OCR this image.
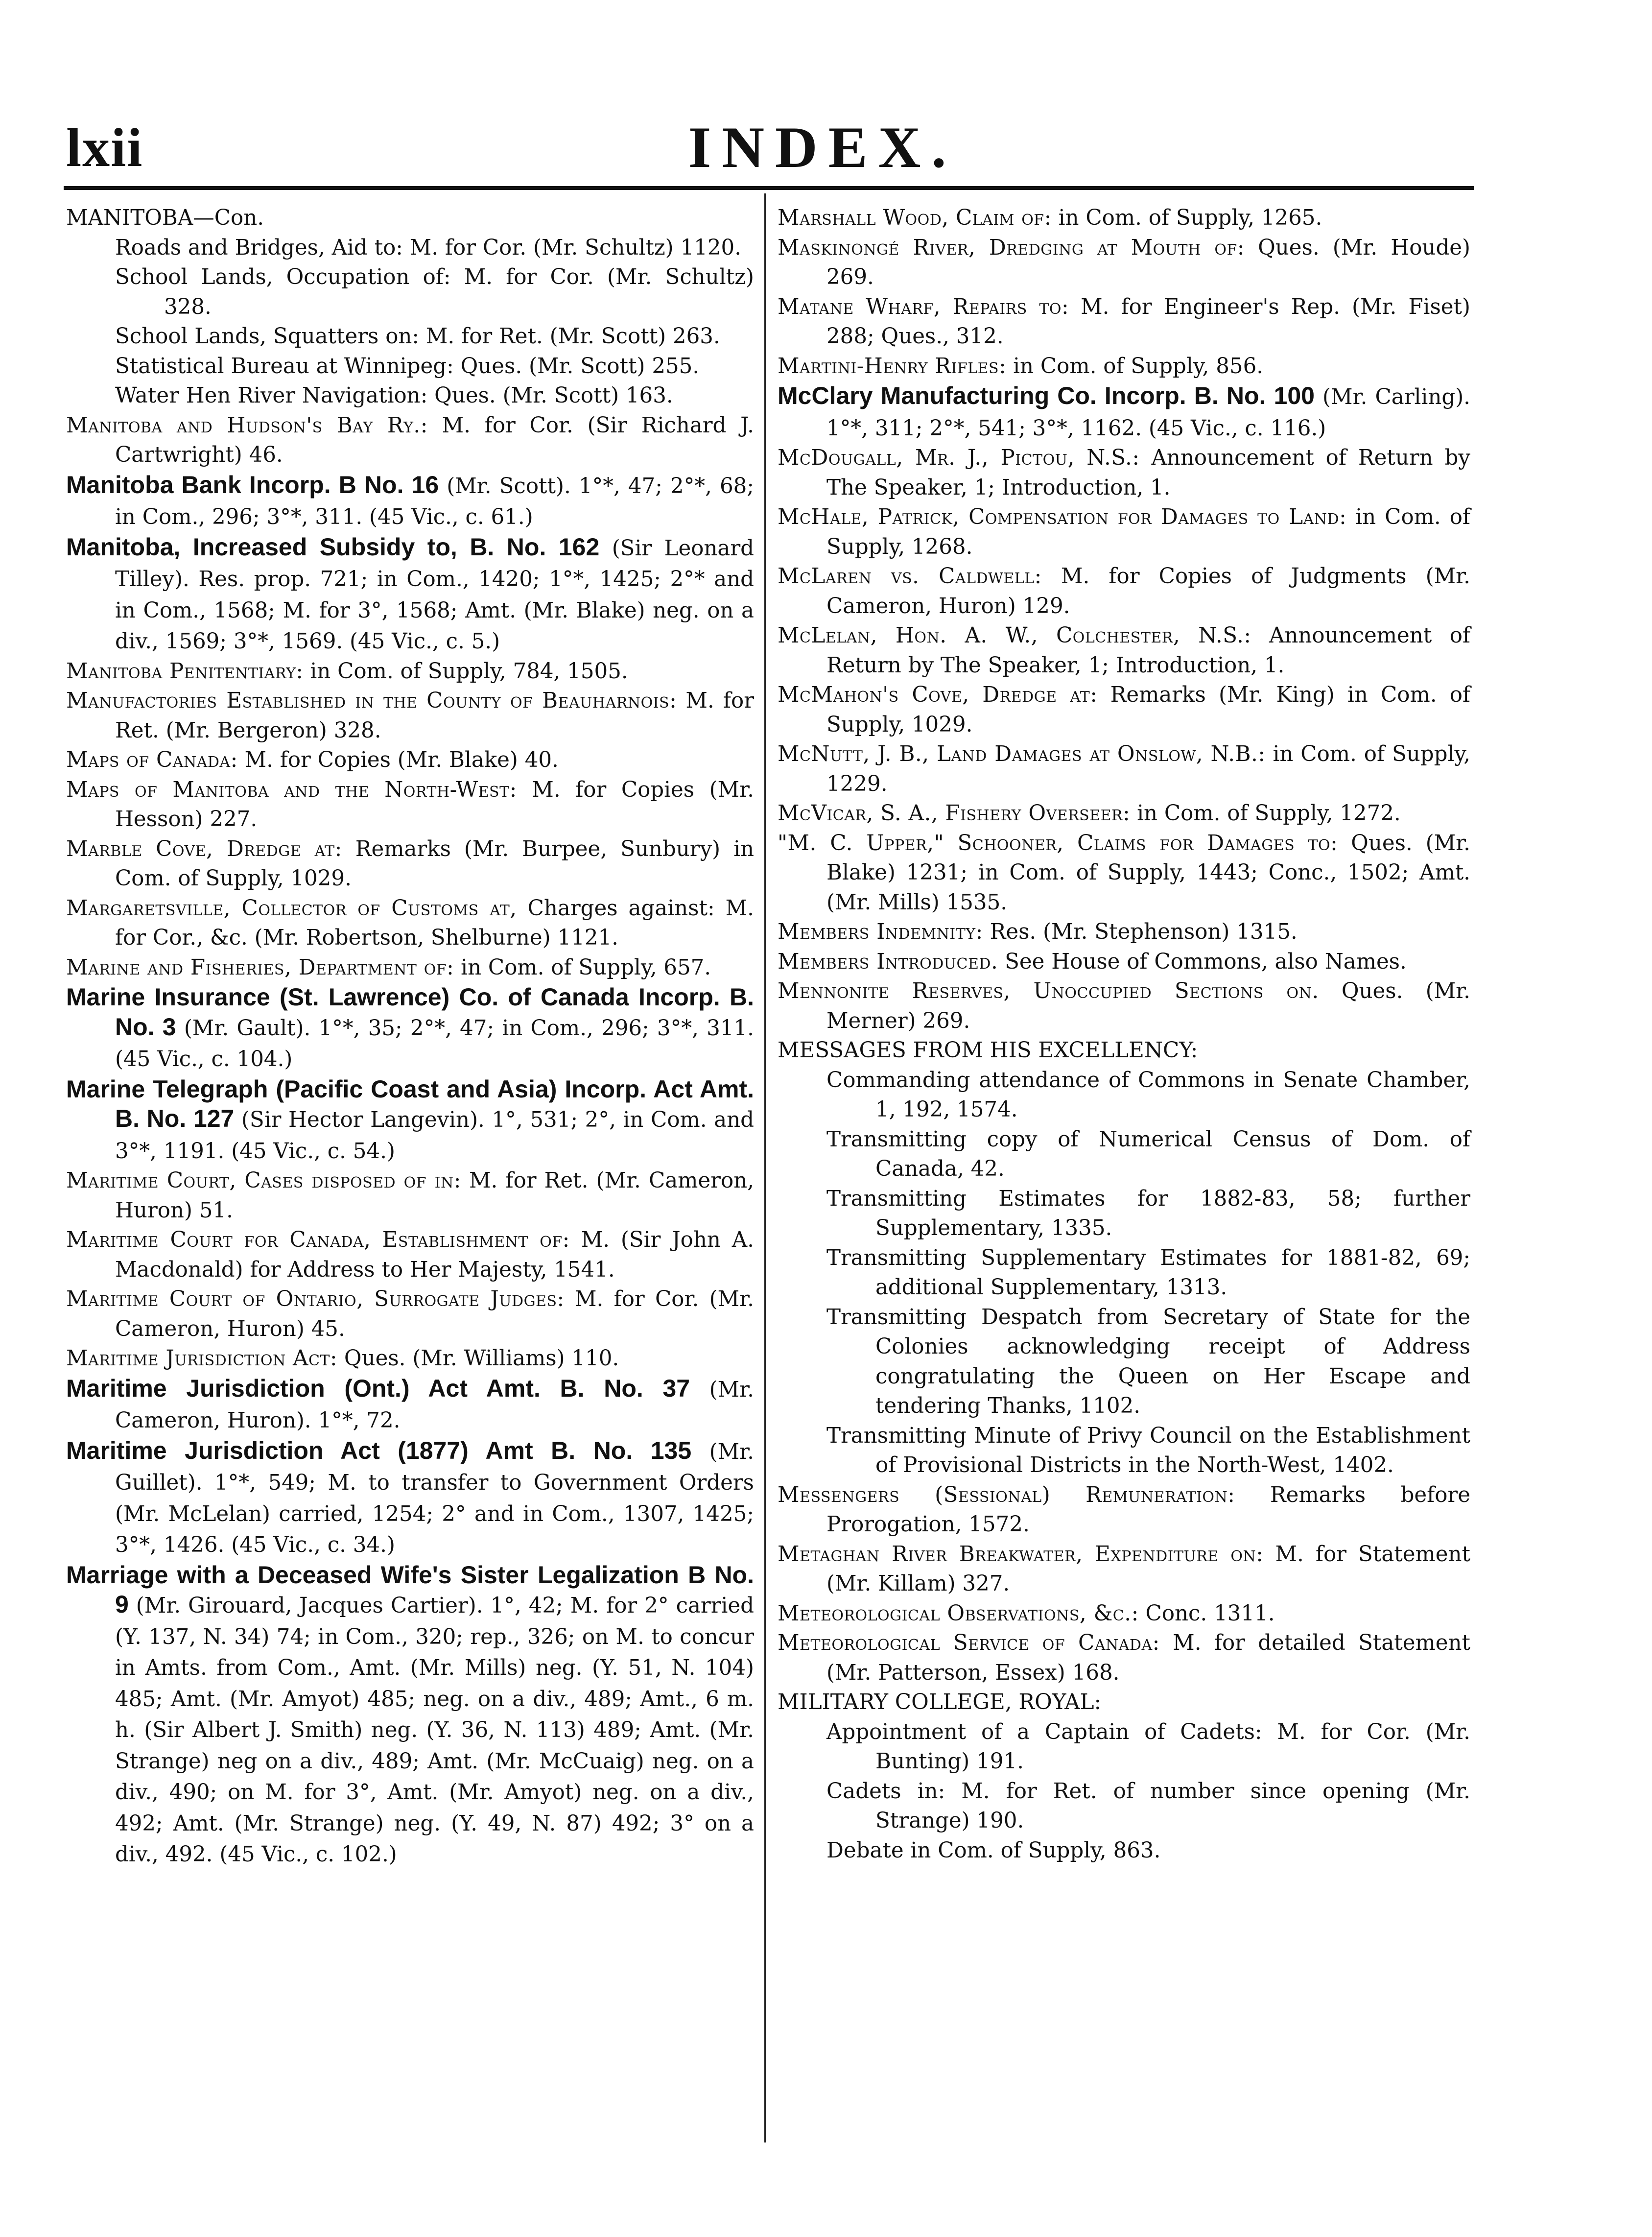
lxii	INDEX.

MANITOBA—Con.

Roads and Bridges, Aid to: M. for Cor. (Mr. Schultz) 1120.

School Lands, Occupation of: M. for Cor. (Mr. Schultz) 328.

School Lands, Squatters on: M. for Ret. (Mr. Scott) 263.

Statistical Bureau at Winnipeg: Ques. (Mr. Scott) 255.

Water Hen River Navigation: Ques. (Mr. Scott) 163.

Manitoba and Hudson's Bay Ry.: M. for Cor. (Sir Richard J. Cartwright) 46.

Manitoba Bank Incorp. B No. 16 (Mr. Scott). 1°*, 47; 2°*, 68; in Com., 296; 3°*, 311. (45 Vic., c. 61.)

Manitoba, Increased Subsidy to, B. No. 162 (Sir Leonard Tilley). Res. prop. 721; in Com., 1420; 1°*, 1425; 2°* and in Com., 1568; M. for 3°, 1568; Amt. (Mr. Blake) neg. on a div., 1569; 3°*, 1569. (45 Vic., c. 5.)

Manitoba Penitentiary: in Com. of Supply, 784, 1505.

Manufactories Established in the County of Beauharnois: M. for Ret. (Mr. Bergeron) 328.

Maps of Canada: M. for Copies (Mr. Blake) 40.

Maps of Manitoba and the North-West: M. for Copies (Mr. Hesson) 227.

Marble Cove, Dredge at: Remarks (Mr. Burpee, Sunbury) in Com. of Supply, 1029.

Margaretsville, Collector of Customs at, Charges against: M. for Cor., &c. (Mr. Robertson, Shelburne) 1121.

Marine and Fisheries, Department of: in Com. of Supply, 657.

Marine Insurance (St. Lawrence) Co. of Canada Incorp. B. No. 3 (Mr. Gault). 1°*, 35; 2°*, 47; in Com., 296; 3°*, 311. (45 Vic., c. 104.)

Marine Telegraph (Pacific Coast and Asia) Incorp. Act Amt. B. No. 127 (Sir Hector Langevin). 1°, 531; 2°, in Com. and 3°*, 1191. (45 Vic., c. 54.)

Maritime Court, Cases disposed of in: M. for Ret. (Mr. Cameron, Huron) 51.

Maritime Court for Canada, Establishment of: M. (Sir John A. Macdonald) for Address to Her Majesty, 1541.

Maritime Court of Ontario, Surrogate Judges: M. for Cor. (Mr. Cameron, Huron) 45.

Maritime Jurisdiction Act: Ques. (Mr. Williams) 110.

Maritime Jurisdiction (Ont.) Act Amt. B. No. 37 (Mr. Cameron, Huron). 1°*, 72.

Maritime Jurisdiction Act (1877) Amt B. No. 135 (Mr. Guillet). 1°*, 549; M. to transfer to Government Orders (Mr. McLelan) carried, 1254; 2° and in Com., 1307, 1425; 3°*, 1426. (45 Vic., c. 34.)

Marriage with a Deceased Wife's Sister Legalization B No. 9 (Mr. Girouard, Jacques Cartier). 1°, 42; M. for 2° carried (Y. 137, N. 34) 74; in Com., 320; rep., 326; on M. to concur in Amts. from Com., Amt. (Mr. Mills) neg. (Y. 51, N. 104) 485; Amt. (Mr. Amyot) 485; neg. on a div., 489; Amt., 6 m. h. (Sir Albert J. Smith) neg. (Y. 36, N. 113) 489; Amt. (Mr. Strange) neg on a div., 489; Amt. (Mr. McCuaig) neg. on a div., 490; on M. for 3°, Amt. (Mr. Amyot) neg. on a div., 492; Amt. (Mr. Strange) neg. (Y. 49, N. 87) 492; 3° on a div., 492. (45 Vic., c. 102.)

Marshall Wood, Claim of: in Com. of Supply, 1265.

Maskinongé River, Dredging at Mouth of: Ques. (Mr. Houde) 269.

Matane Wharf, Repairs to: M. for Engineer's Rep. (Mr. Fiset) 288; Ques., 312.

Martini-Henry Rifles: in Com. of Supply, 856.

McClary Manufacturing Co. Incorp. B. No. 100 (Mr. Carling). 1°*, 311; 2°*, 541; 3°*, 1162. (45 Vic., c. 116.)

McDougall, Mr. J., Pictou, N.S.: Announcement of Return by The Speaker, 1; Introduction, 1.

McHale, Patrick, Compensation for Damages to Land: in Com. of Supply, 1268.

McLaren vs. Caldwell: M. for Copies of Judgments (Mr. Cameron, Huron) 129.

McLelan, Hon. A. W., Colchester, N.S.: Announcement of Return by The Speaker, 1; Introduction, 1.

McMahon's Cove, Dredge at: Remarks (Mr. King) in Com. of Supply, 1029.

McNutt, J. B., Land Damages at Onslow, N.B.: in Com. of Supply, 1229.

McVicar, S. A., Fishery Overseer: in Com. of Supply, 1272.

"M. C. Upper," Schooner, Claims for Damages to: Ques. (Mr. Blake) 1231; in Com. of Supply, 1443; Conc., 1502; Amt. (Mr. Mills) 1535.

Members Indemnity: Res. (Mr. Stephenson) 1315.

Members Introduced. See House of Commons, also Names.

Mennonite Reserves, Unoccupied Sections on. Ques. (Mr. Merner) 269.

MESSAGES FROM HIS EXCELLENCY:

Commanding attendance of Commons in Senate Chamber, 1, 192, 1574.

Transmitting copy of Numerical Census of Dom. of Canada, 42.

Transmitting Estimates for 1882-83, 58; further Supplementary, 1335.

Transmitting Supplementary Estimates for 1881-82, 69; additional Supplementary, 1313.

Transmitting Despatch from Secretary of State for the Colonies acknowledging receipt of Address congratulating the Queen on Her Escape and tendering Thanks, 1102.

Transmitting Minute of Privy Council on the Establishment of Provisional Districts in the North-West, 1402.

Messengers (Sessional) Remuneration: Remarks before Prorogation, 1572.

Metaghan River Breakwater, Expenditure on: M. for Statement (Mr. Killam) 327.

Meteorological Observations, &c.: Conc. 1311.

Meteorological Service of Canada: M. for detailed Statement (Mr. Patterson, Essex) 168.

MILITARY COLLEGE, ROYAL:

Appointment of a Captain of Cadets: M. for Cor. (Mr. Bunting) 191.

Cadets in: M. for Ret. of number since opening (Mr. Strange) 190.

Debate in Com. of Supply, 863.
